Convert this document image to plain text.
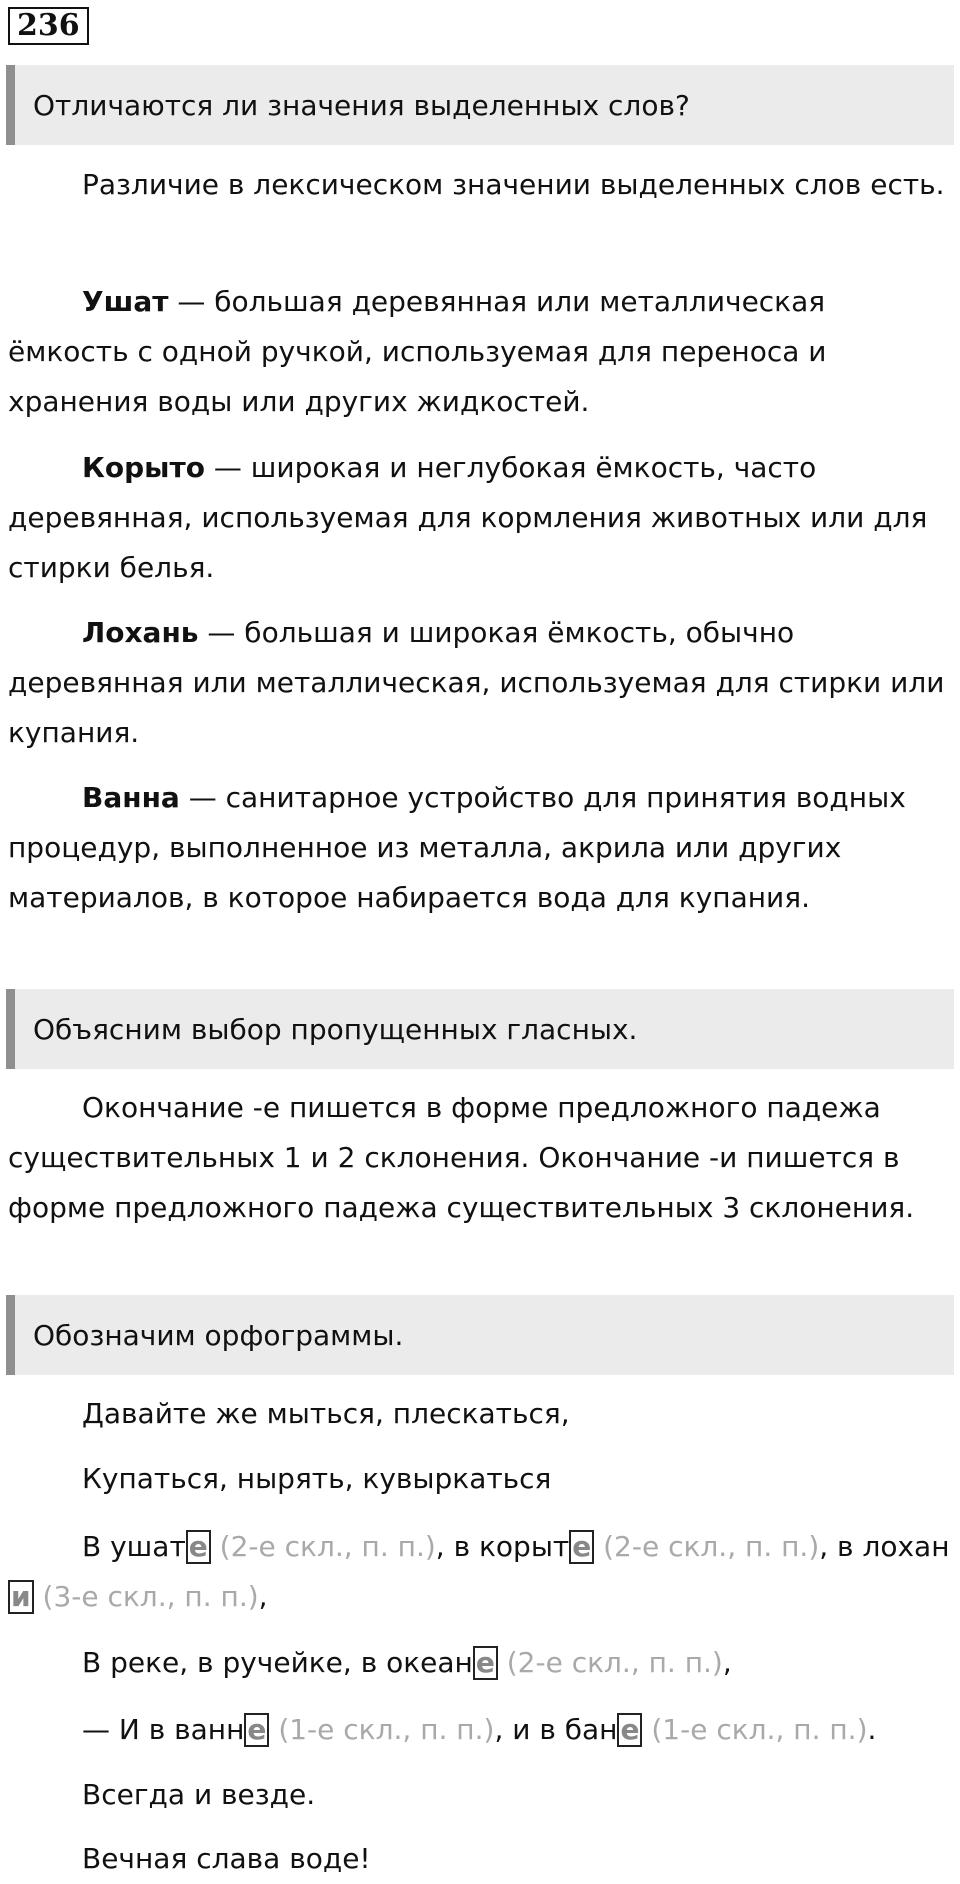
236
Отличаются ли значения выделенных слов?

Различие в лексическом значении выделенных слов есть.

Ушат — большая деревянная или металлическая ёмкость с одной ручкой, используемая для переноса и хранения воды или других жидкостей.

Корыто — широкая и неглубокая ёмкость, часто деревянная, используемая для кормления животных или для стирки белья.

Лохань — большая и широкая ёмкость, обычно деревянная или металлическая, используемая для стирки или купания.

Ванна — санитарное устройство для принятия водных процедур, выполненное из металла, акрила или других материалов, в которое набирается вода для купания.

Объясним выбор пропущенных гласных.

Окончание -е пишется в форме предложного падежа существительных 1 и 2 склонения. Окончание -и пишется в форме предложного падежа существительных 3 склонения.

Обозначим орфограммы.

Давайте же мыться, плескаться,

Купаться, нырять, кувыркаться

В ушат е (2-е скл., п. п.), в корыт е (2-е скл., п. п.), в лохани (3-е скл., п. п.),

В реке, в ручейке, в океан е (2-е скл., п. п.),

— И в ванн е (1-е скл., п. п.), и в бан е (1-е скл., п. п.).

Всегда и везде.

Вечная слава воде!
